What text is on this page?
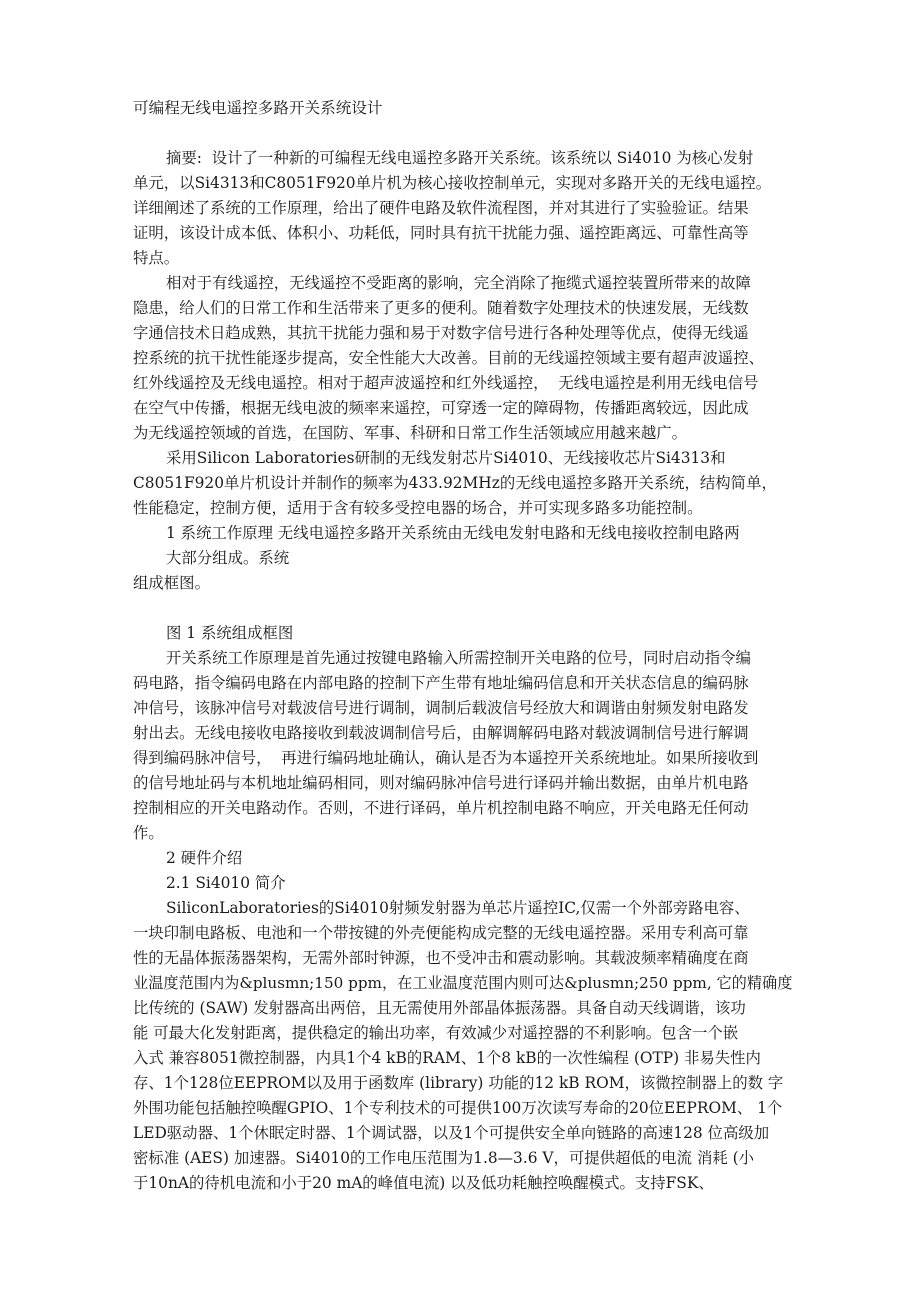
可编程无线电遥控多路开关系统设计
摘要:  设计了一种新的可编程无线电遥控多路开关系统。该系统以 Si4010 为核心发射
单元，以Si4313和C8051F920单片机为核心接收控制单元，实现对多路开关的无线电遥控。
详细阐述了系统的工作原理，给出了硬件电路及软件流程图，并对其进行了实验验证。结果
证明，该设计成本低、体积小、功耗低，同时具有抗干扰能力强、遥控距离远、可靠性高等
特点。
相对于有线遥控，无线遥控不受距离的影响，完全消除了拖缆式遥控装置所带来的故障
隐患，给人们的日常工作和生活带来了更多的便利。随着数字处理技术的快速发展，无线数
字通信技术日趋成熟，其抗干扰能力强和易于对数字信号进行各种处理等优点，使得无线遥
控系统的抗干扰性能逐步提高，安全性能大大改善。目前的无线遥控领域主要有超声波遥控、
红外线遥控及无线电遥控。相对于超声波遥控和红外线遥控，  无线电遥控是利用无线电信号
在空气中传播，根据无线电波的频率来遥控，可穿透一定的障碍物，传播距离较远，因此成
为无线遥控领域的首选，在国防、军事、科研和日常工作生活领域应用越来越广。
采用Silicon Laboratories研制的无线发射芯片Si4010、无线接收芯片Si4313和
C8051F920单片机设计并制作的频率为433.92MHz的无线电遥控多路开关系统，结构简单，
性能稳定，控制方便，适用于含有较多受控电器的场合，并可实现多路多功能控制。
1 系统工作原理 无线电遥控多路开关系统由无线电发射电路和无线电接收控制电路两
大部分组成。系统
组成框图。
图 1 系统组成框图
开关系统工作原理是首先通过按键电路输入所需控制开关电路的位号，同时启动指令编
码电路，指令编码电路在内部电路的控制下产生带有地址编码信息和开关状态信息的编码脉
冲信号，该脉冲信号对载波信号进行调制，调制后载波信号经放大和调谐由射频发射电路发
射出去。无线电接收电路接收到载波调制信号后，由解调解码电路对载波调制信号进行解调
得到编码脉冲信号，  再进行编码地址确认，确认是否为本遥控开关系统地址。如果所接收到
的信号地址码与本机地址编码相同，则对编码脉冲信号进行译码并输出数据，由单片机电路
控制相应的开关电路动作。否则，不进行译码，单片机控制电路不响应，开关电路无任何动
作。
2 硬件介绍
2.1 Si4010 简介
SiliconLaboratories的Si4010射频发射器为单芯片遥控IC,仅需一个外部旁路电容、
一块印制电路板、电池和一个带按键的外壳便能构成完整的无线电遥控器。采用专利高可靠
性的无晶体振荡器架构，无需外部时钟源，也不受冲击和震动影响。其载波频率精确度在商
业温度范围内为&plusmn;150 ppm，在工业温度范围内则可达&plusmn;250 ppm, 它的精确度
比传统的 (SAW) 发射器高出两倍，且无需使用外部晶体振荡器。具备自动天线调谐，该功
能 可最大化发射距离，提供稳定的输出功率，有效减少对遥控器的不利影响。包含一个嵌
入式 兼容8051微控制器，内具1个4 kB的RAM、1个8 kB的一次性编程 (OTP) 非易失性内
存、1个128位EEPROM以及用于函数库 (library) 功能的12 kB ROM，该微控制器上的数 字
外围功能包括触控唤醒GPIO、1个专利技术的可提供100万次读写寿命的20位EEPROM、 1个
LED驱动器、1个休眠定时器、1个调试器，以及1个可提供安全单向链路的高速128 位高级加
密标准 (AES) 加速器。Si4010的工作电压范围为1.8—3.6 V，可提供超低的电流 消耗 (小
于10nA的待机电流和小于20 mA的峰值电流) 以及低功耗触控唤醒模式。支持FSK、
